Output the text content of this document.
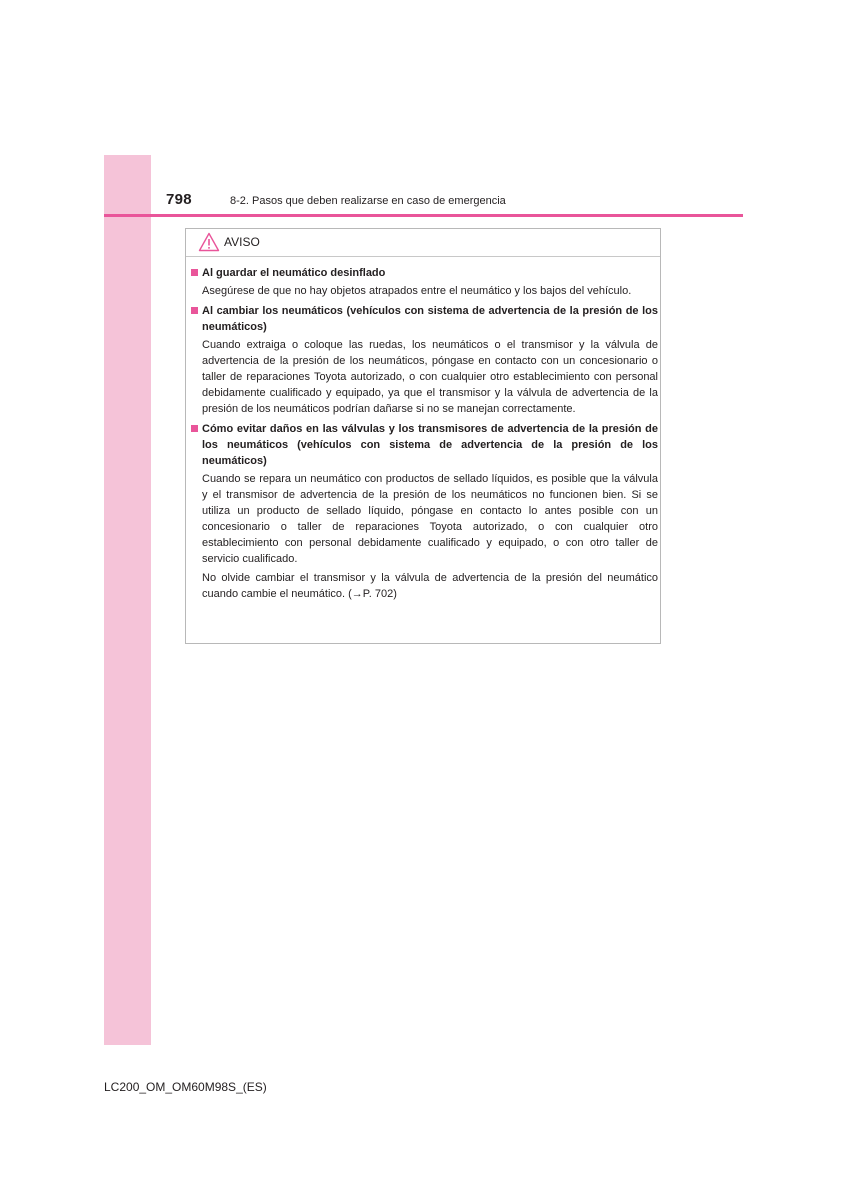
798	8-2. Pasos que deben realizarse en caso de emergencia
AVISO
Al guardar el neumático desinflado

Asegúrese de que no hay objetos atrapados entre el neumático y los bajos del vehículo.

Al cambiar los neumáticos (vehículos con sistema de advertencia de la presión de los neumáticos)

Cuando extraiga o coloque las ruedas, los neumáticos o el transmisor y la válvula de advertencia de la presión de los neumáticos, póngase en contacto con un concesionario o taller de reparaciones Toyota autorizado, o con cualquier otro establecimiento con personal debidamente cualificado y equipado, ya que el transmisor y la válvula de advertencia de la presión de los neumáticos podrían dañarse si no se manejan correctamente.

Cómo evitar daños en las válvulas y los transmisores de advertencia de la presión de los neumáticos (vehículos con sistema de advertencia de la presión de los neumáticos)

Cuando se repara un neumático con productos de sellado líquidos, es posible que la válvula y el transmisor de advertencia de la presión de los neumáticos no funcionen bien. Si se utiliza un producto de sellado líquido, póngase en contacto lo antes posible con un concesionario o taller de reparaciones Toyota autorizado, o con cualquier otro establecimiento con personal debidamente cualificado y equipado, o con otro taller de servicio cualificado.

No olvide cambiar el transmisor y la válvula de advertencia de la presión del neumático cuando cambie el neumático. (→P. 702)

LC200_OM_OM60M98S_(ES)
